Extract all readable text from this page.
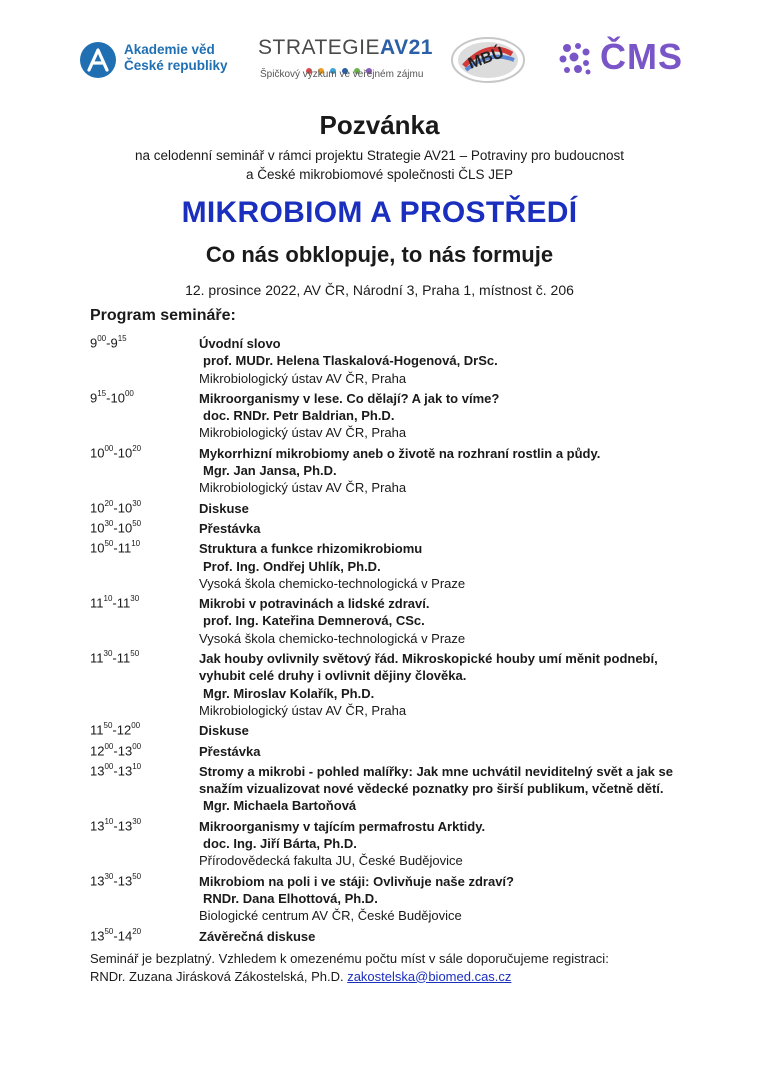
Akademie věd
České republiky
STRATEGIEAV21
Špičkový výzkum ve veřejném zájmu
MBÚ	ČMS
Pozvánka
na celodenní seminář v rámci projektu Strategie AV21 – Potraviny pro budoucnost
a České mikrobiomové společnosti ČLS JEP
MIKROBIOM A PROSTŘEDÍ
Co nás obklopuje, to nás formuje
12. prosince 2022, AV ČR, Národní 3, Praha 1, místnost č. 206
Program semináře:
$9^{00}-9^{15}$	Úvodní slovo
prof. MUDr. Helena Tlaskalová-Hogenová, DrSc.
Mikrobiologický ústav AV ČR, Praha
$9^{15}-10^{00}$	Mikroorganismy v lese. Co dělají? A jak to víme?
doc. RNDr. Petr Baldrian, Ph.D.
Mikrobiologický ústav AV ČR, Praha
$10^{00}-10^{20}$	Mykorrhizní mikrobiomy aneb o životě na rozhraní rostlin a půdy.
Mgr. Jan Jansa, Ph.D.
Mikrobiologický ústav AV ČR, Praha
$10^{20}-10^{30}$	Diskuse
$10^{30}-10^{50}$	Přestávka
$10^{50}-11^{10}$	Struktura a funkce rhizomikrobiomu
Prof. Ing. Ondřej Uhlík, Ph.D.
Vysoká škola chemicko-technologická v Praze
$11^{10}-11^{30}$	Mikrobi v potravinách a lidské zdraví.
prof. Ing. Kateřina Demnerová, CSc.
Vysoká škola chemicko-technologická v Praze
$11^{30}-11^{50}$	Jak houby ovlivnily světový řád. Mikroskopické houby umí měnit podnebí,
vyhubit celé druhy i ovlivnit dějiny člověka.
Mgr. Miroslav Kolařík, Ph.D.
Mikrobiologický ústav AV ČR, Praha
$11^{50}-12^{00}$	Diskuse
$12^{00}-13^{00}$	Přestávka
$13^{00}-13^{10}$	Stromy a mikrobi - pohled malířky: Jak mne uchvátil neviditelný svět a jak se
snažím vizualizovat nové vědecké poznatky pro širší publikum, včetně dětí.
Mgr. Michaela Bartoňová
$13^{10}-13^{30}$	Mikroorganismy v tajícím permafrostu Arktidy.
doc. Ing. Jiří Bárta, Ph.D.
Přírodovědecká fakulta JU, České Budějovice
$13^{30}-13^{50}$	Mikrobiom na poli i ve stáji: Ovlivňuje naše zdraví?
RNDr. Dana Elhottová, Ph.D.
Biologické centrum AV ČR, České Budějovice
$13^{50}-14^{20}$	Závěrečná diskuse
Seminář je bezplatný. Vzhledem k omezenému počtu míst v sále doporučujeme registraci:
RNDr. Zuzana Jirásková Zákostelská, Ph.D. zakostelska@biomed.cas.cz
